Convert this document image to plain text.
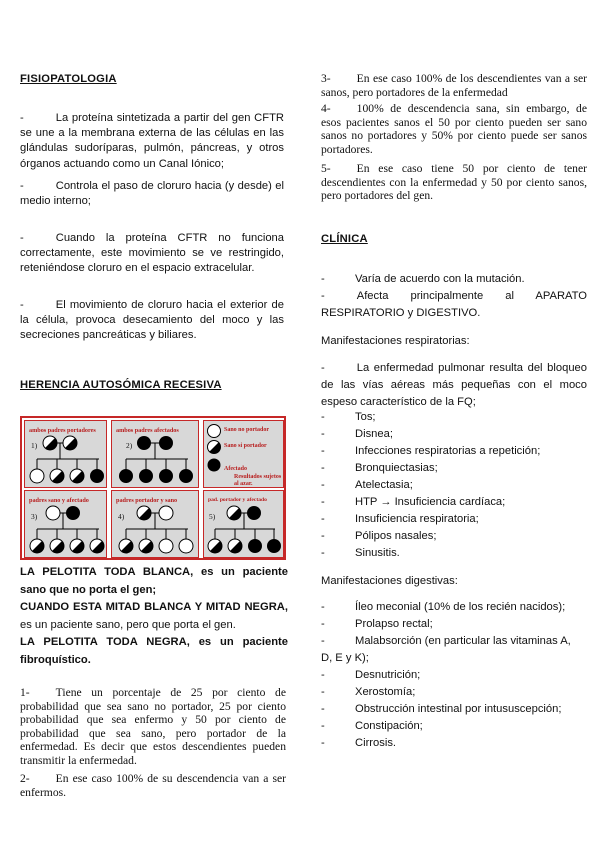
FISIOPATOLOGIA
-	La proteína sintetizada a partir del gen CFTR se une a la membrana externa de las células en las glándulas sudoríparas, pulmón, páncreas, y otros órganos actuando como un Canal Iónico;
-	Controla el paso de cloruro hacia (y desde) el medio interno;
-	Cuando la proteína CFTR no funciona correctamente, este movimiento se ve restringido, reteniéndose cloruro en el espacio extracelular.
-	El movimiento de cloruro hacia el exterior de la célula, provoca desecamiento del moco y las secreciones pancreáticas y biliares.
HERENCIA AUTOSÓMICA RECESIVA
ambos padres portadores
1)
ambos padres afectados
2)
Sano no portador
Sano si portador
Afectado
Resultados sujetos
al azar.
padres sano y afectado
3)
padres portador y sano
4)
pad. portador y afectado
5)
LA PELOTITA TODA BLANCA, es un paciente sano que no porta el gen;
CUANDO ESTA MITAD BLANCA Y MITAD NEGRA, es un paciente sano, pero que porta el gen.
LA PELOTITA TODA NEGRA, es un paciente fibroquístico.
1- Tiene un porcentaje de 25 por ciento de probabilidad que sea sano no portador, 25 por ciento probabilidad que sea enfermo y 50 por ciento de probabilidad que sea sano, pero portador de la enfermedad. Es decir que estos descendientes pueden transmitir la enfermedad.
2- En ese caso 100% de su descendencia van a ser enfermos.
3- En ese caso 100% de los descendientes van a ser sanos, pero portadores de la enfermedad
4- 100% de descendencia sana, sin embargo, de esos pacientes sanos el 50 por ciento pueden ser sano sanos no portadores y 50% por ciento puede ser sanos portadores.
5- En ese caso tiene 50 por ciento de tener descendientes con la enfermedad y 50 por ciento sanos, pero portadores del gen.
CLÍNICA
-	Varía de acuerdo con la mutación.
-	Afecta principalmente al APARATO RESPIRATORIO y DIGESTIVO.
Manifestaciones respiratorias:
-	La enfermedad pulmonar resulta del bloqueo de las vías aéreas más pequeñas con el moco espeso característico de la FQ;
-	Tos;
-	Disnea;
-	Infecciones respiratorias a repetición;
-	Bronquiectasias;
-	Atelectasia;
-	HTP → Insuficiencia cardíaca;
-	Insuficiencia respiratoria;
-	Pólipos nasales;
-	Sinusitis.
Manifestaciones digestivas:
-	Íleo meconial (10% de los recién nacidos);
-	Prolapso rectal;
-	Malabsorción (en particular las vitaminas A,
D, E y K);
-	Desnutrición;
-	Xerostomía;
-	Obstrucción intestinal por intususcepción;
-	Constipación;
-	Cirrosis.
